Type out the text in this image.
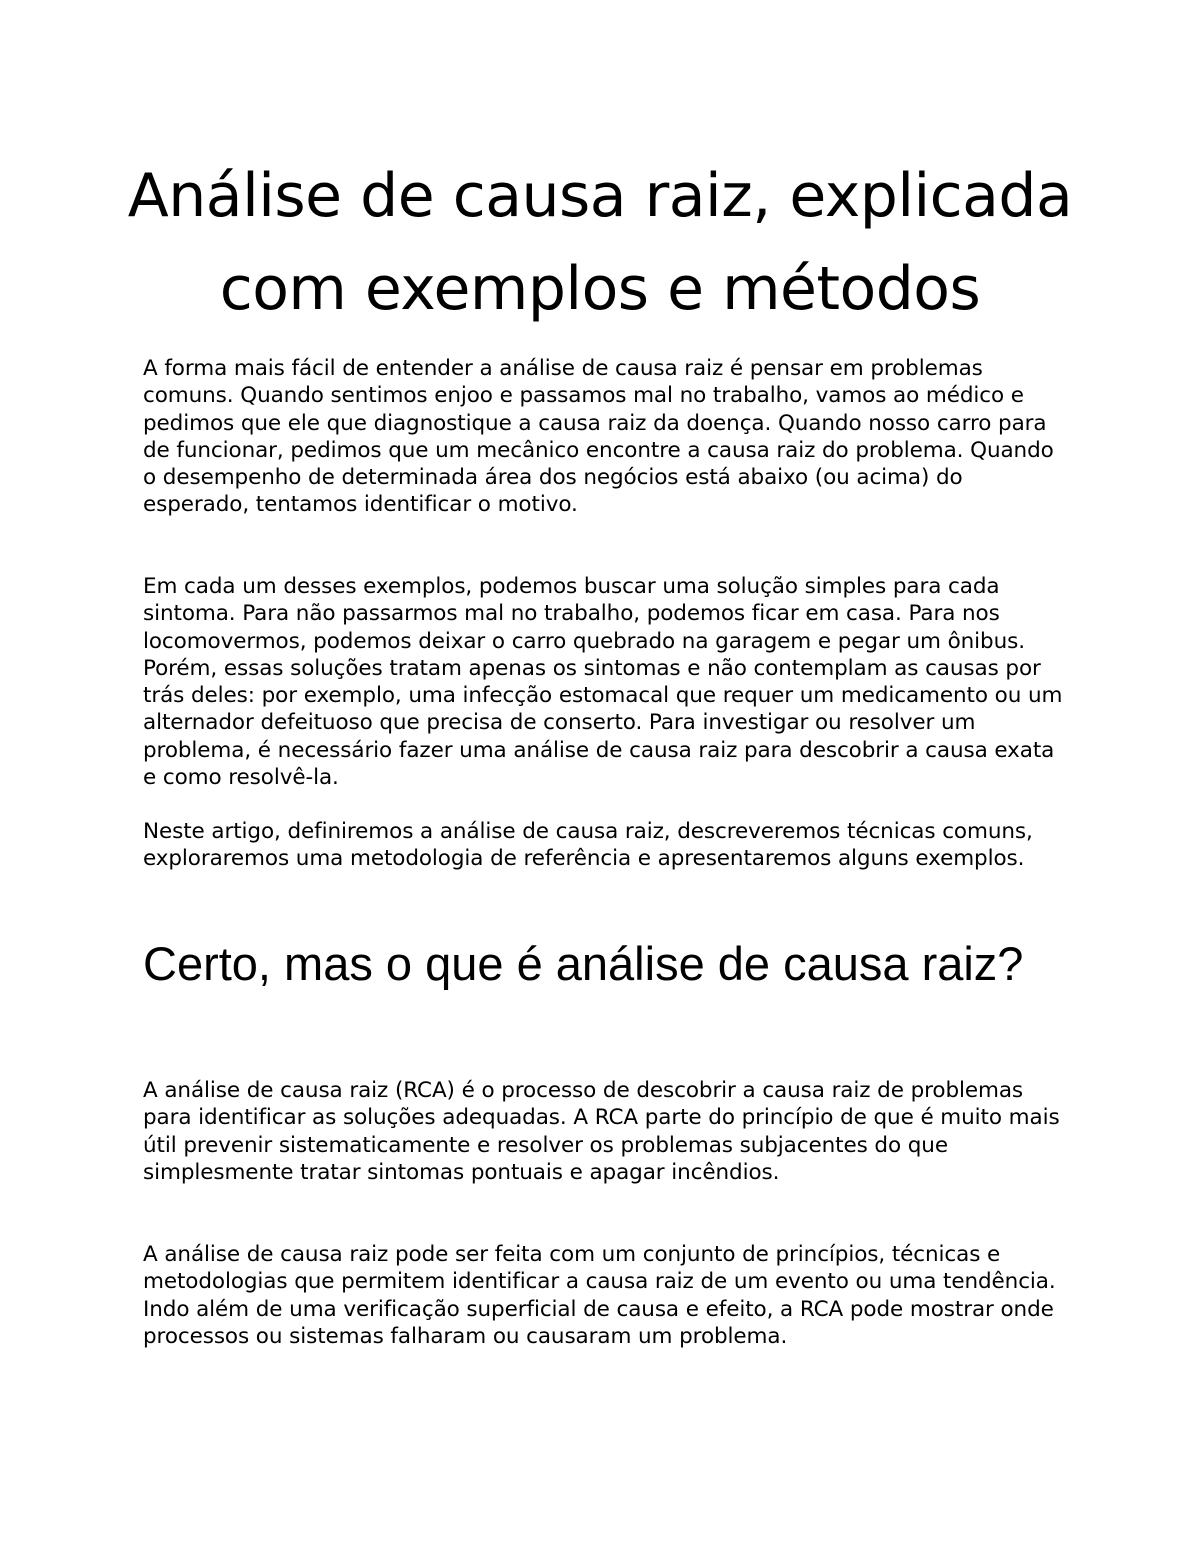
Análise de causa raiz, explicada com exemplos e métodos

A forma mais fácil de entender a análise de causa raiz é pensar em problemas comuns. Quando sentimos enjoo e passamos mal no trabalho, vamos ao médico e pedimos que ele que diagnostique a causa raiz da doença. Quando nosso carro para de funcionar, pedimos que um mecânico encontre a causa raiz do problema. Quando o desempenho de determinada área dos negócios está abaixo (ou acima) do esperado, tentamos identificar o motivo.

Em cada um desses exemplos, podemos buscar uma solução simples para cada sintoma. Para não passarmos mal no trabalho, podemos ficar em casa. Para nos locomovermos, podemos deixar o carro quebrado na garagem e pegar um ônibus. Porém, essas soluções tratam apenas os sintomas e não contemplam as causas por trás deles: por exemplo, uma infecção estomacal que requer um medicamento ou um alternador defeituoso que precisa de conserto. Para investigar ou resolver um problema, é necessário fazer uma análise de causa raiz para descobrir a causa exata e como resolvê-la.

Neste artigo, definiremos a análise de causa raiz, descreveremos técnicas comuns, exploraremos uma metodologia de referência e apresentaremos alguns exemplos.

Certo, mas o que é análise de causa raiz?

A análise de causa raiz (RCA) é o processo de descobrir a causa raiz de problemas para identificar as soluções adequadas. A RCA parte do princípio de que é muito mais útil prevenir sistematicamente e resolver os problemas subjacentes do que simplesmente tratar sintomas pontuais e apagar incêndios.

A análise de causa raiz pode ser feita com um conjunto de princípios, técnicas e metodologias que permitem identificar a causa raiz de um evento ou uma tendência. Indo além de uma verificação superficial de causa e efeito, a RCA pode mostrar onde processos ou sistemas falharam ou causaram um problema.
